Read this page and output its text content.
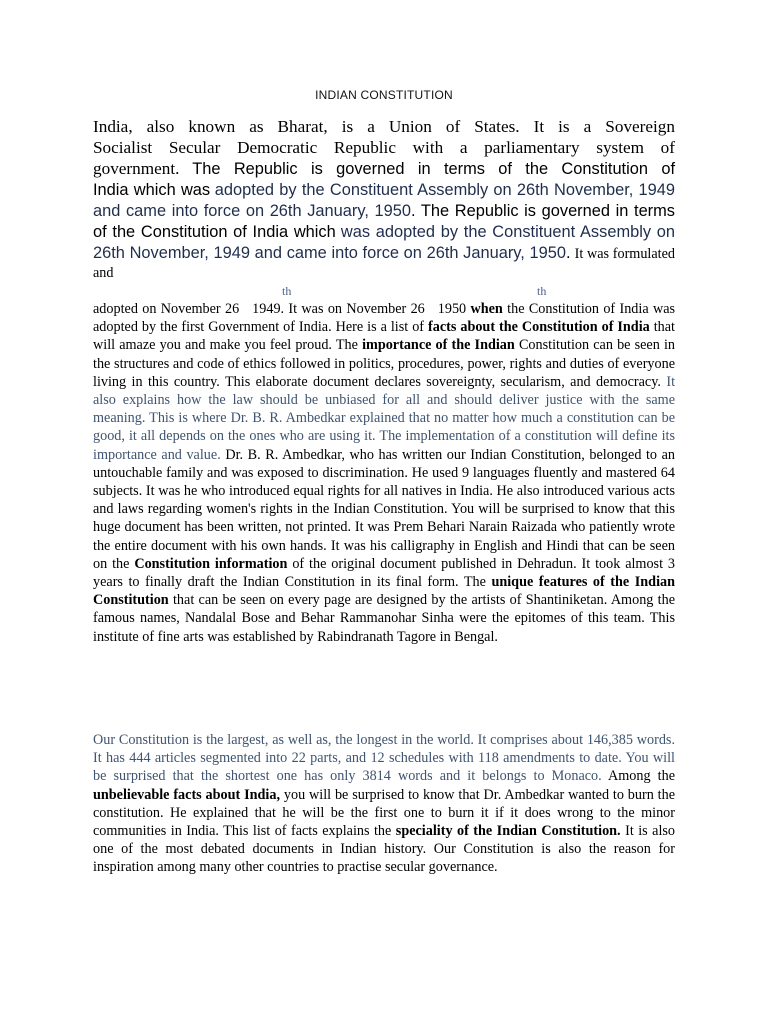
INDIAN CONSTITUTION
India, also known as Bharat, is a Union of States. It is a Sovereign
Socialist Secular Democratic Republic with a parliamentary system of
government. The Republic is governed in terms of the Constitution of
India which was adopted by the Constituent Assembly on 26th November, 1949 and came into force on 26th January, 1950. The Republic is governed in terms of the Constitution of India which was adopted by the Constituent Assembly on 26th November, 1949 and came into force on 26th January, 1950. It was formulated and
th	th
adopted on November 26   1949. It was on November 26   1950 when the Constitution of India was adopted by the first Government of India. Here is a list of facts about the Constitution of India that will amaze you and make you feel proud. The importance of the Indian Constitution can be seen in the structures and code of ethics followed in politics, procedures, power, rights and duties of everyone living in this country. This elaborate document declares sovereignty, secularism, and democracy. It also explains how the law should be unbiased for all and should deliver justice with the same meaning. This is where Dr. B. R. Ambedkar explained that no matter how much a constitution can be good, it all depends on the ones who are using it. The implementation of a constitution will define its importance and value. Dr. B. R. Ambedkar, who has written our Indian Constitution, belonged to an untouchable family and was exposed to discrimination. He used 9 languages fluently and mastered 64 subjects. It was he who introduced equal rights for all natives in India. He also introduced various acts and laws regarding women's rights in the Indian Constitution. You will be surprised to know that this huge document has been written, not printed. It was Prem Behari Narain Raizada who patiently wrote the entire document with his own hands. It was his calligraphy in English and Hindi that can be seen on the Constitution information of the original document published in Dehradun. It took almost 3 years to finally draft the Indian Constitution in its final form. The unique features of the Indian Constitution that can be seen on every page are designed by the artists of Shantiniketan. Among the famous names, Nandalal Bose and Behar Rammanohar Sinha were the epitomes of this team. This institute of fine arts was established by Rabindranath Tagore in Bengal.
Our Constitution is the largest, as well as, the longest in the world. It comprises about 146,385 words. It has 444 articles segmented into 22 parts, and 12 schedules with 118 amendments to date. You will be surprised that the shortest one has only 3814 words and it belongs to Monaco. Among the unbelievable facts about India, you will be surprised to know that Dr. Ambedkar wanted to burn the constitution. He explained that he will be the first one to burn it if it does wrong to the minor communities in India. This list of facts explains the speciality of the Indian Constitution. It is also one of the most debated documents in Indian history. Our Constitution is also the reason for inspiration among many other countries to practise secular governance.
